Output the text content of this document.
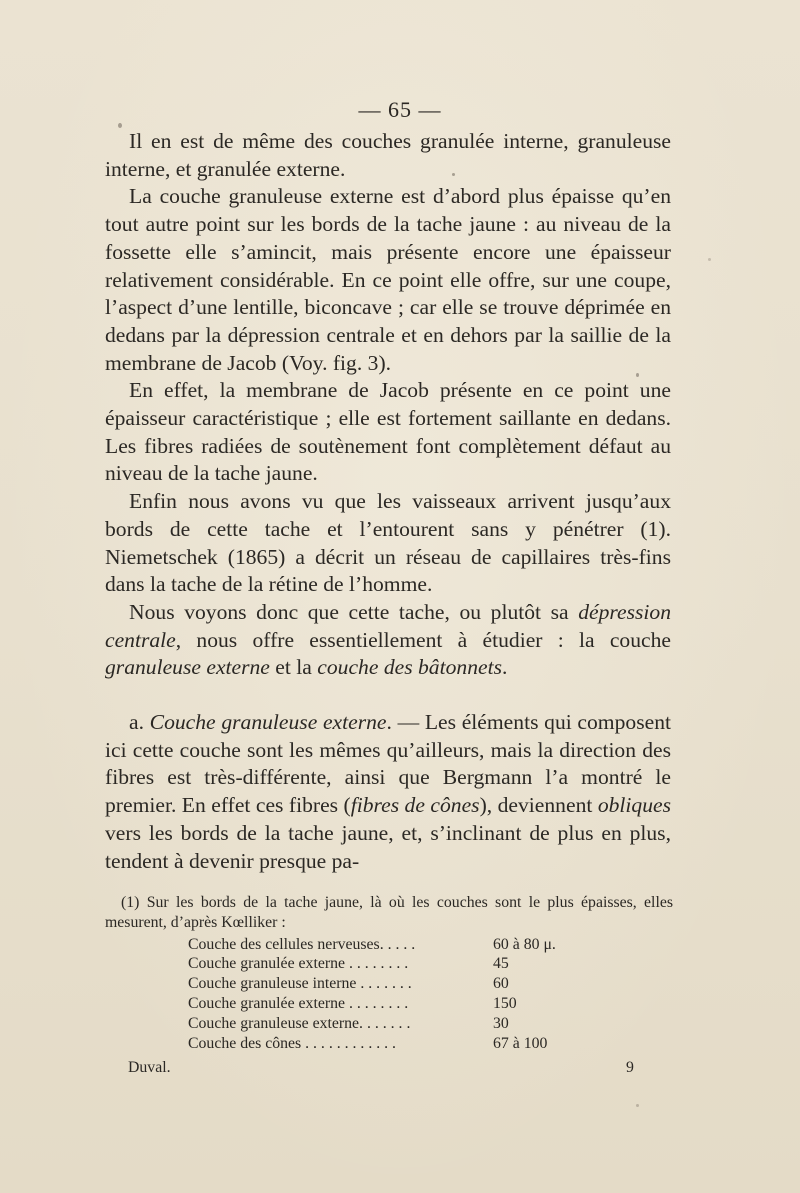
— 65 —

Il en est de même des couches granulée interne, granuleuse interne, et granulée externe.

La couche granuleuse externe est d’abord plus épaisse qu’en tout autre point sur les bords de la tache jaune : au niveau de la fossette elle s’amincit, mais présente encore une épaisseur relativement considérable. En ce point elle offre, sur une coupe, l’aspect d’une lentille, biconcave ; car elle se trouve déprimée en dedans par la dépression centrale et en dehors par la saillie de la membrane de Jacob (Voy. fig. 3).

En effet, la membrane de Jacob présente en ce point une épaisseur caractéristique ; elle est fortement saillante en dedans. Les fibres radiées de soutènement font complètement défaut au niveau de la tache jaune.

Enfin nous avons vu que les vaisseaux arrivent jusqu’aux bords de cette tache et l’entourent sans y pénétrer (1). Niemetschek (1865) a décrit un réseau de capillaires très-fins dans la tache de la rétine de l’homme.

Nous voyons donc que cette tache, ou plutôt sa dépression centrale, nous offre essentiellement à étudier : la couche granuleuse externe et la couche des bâtonnets.

a. Couche granuleuse externe. — Les éléments qui composent ici cette couche sont les mêmes qu’ailleurs, mais la direction des fibres est très-différente, ainsi que Bergmann l’a montré le premier. En effet ces fibres (fibres de cônes), deviennent obliques vers les bords de la tache jaune, et, s’inclinant de plus en plus, tendent à devenir presque pa-

(1) Sur les bords de la tache jaune, là où les couches sont le plus épaisses, elles mesurent, d’après Kœlliker :

Couche des cellules nerveuses. . . . .	60 à 80 μ.
Couche granulée externe . . . . . . . .	45
Couche granuleuse interne . . . . . . .	60
Couche granulée externe . . . . . . . .	150
Couche granuleuse externe. . . . . . .	30
Couche des cônes . . . . . . . . . . . .	67 à 100
Duval.	9
